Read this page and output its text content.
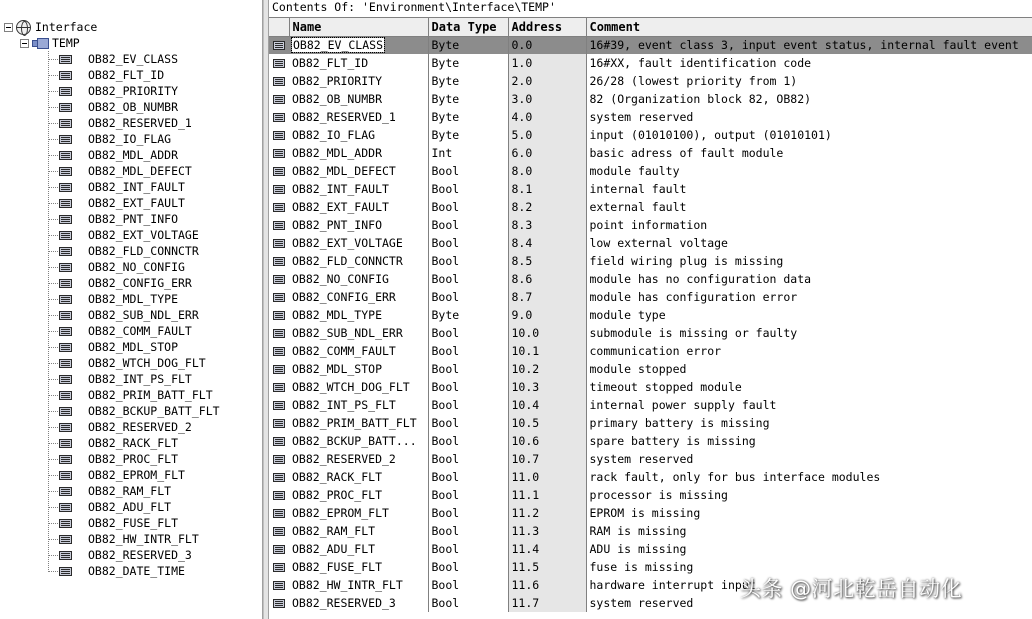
Interface
TEMP
OB82_EV_CLASS
OB82_FLT_ID
OB82_PRIORITY
OB82_OB_NUMBR
OB82_RESERVED_1
OB82_IO_FLAG
OB82_MDL_ADDR
OB82_MDL_DEFECT
OB82_INT_FAULT
OB82_EXT_FAULT
OB82_PNT_INFO
OB82_EXT_VOLTAGE
OB82_FLD_CONNCTR
OB82_NO_CONFIG
OB82_CONFIG_ERR
OB82_MDL_TYPE
OB82_SUB_NDL_ERR
OB82_COMM_FAULT
OB82_MDL_STOP
OB82_WTCH_DOG_FLT
OB82_INT_PS_FLT
OB82_PRIM_BATT_FLT
OB82_BCKUP_BATT_FLT
OB82_RESERVED_2
OB82_RACK_FLT
OB82_PROC_FLT
OB82_EPROM_FLT
OB82_RAM_FLT
OB82_ADU_FLT
OB82_FUSE_FLT
OB82_HW_INTR_FLT
OB82_RESERVED_3
OB82_DATE_TIME
Contents Of: 'Environment\Interface\TEMP'
	Name	Data Type	Address	Comment
	OB82_EV_CLASS	Byte	0.0	16#39, event class 3, input event status, internal fault event
	OB82_FLT_ID	Byte	1.0	16#XX, fault identification code
	OB82_PRIORITY	Byte	2.0	26/28 (lowest priority from 1)
	OB82_OB_NUMBR	Byte	3.0	82 (Organization block 82, OB82)
	OB82_RESERVED_1	Byte	4.0	system reserved
	OB82_IO_FLAG	Byte	5.0	input (01010100), output (01010101)
	OB82_MDL_ADDR	Int	6.0	basic adress of fault module
	OB82_MDL_DEFECT	Bool	8.0	module faulty
	OB82_INT_FAULT	Bool	8.1	internal fault
	OB82_EXT_FAULT	Bool	8.2	external fault
	OB82_PNT_INFO	Bool	8.3	point information
	OB82_EXT_VOLTAGE	Bool	8.4	low external voltage
	OB82_FLD_CONNCTR	Bool	8.5	field wiring plug is missing
	OB82_NO_CONFIG	Bool	8.6	module has no configuration data
	OB82_CONFIG_ERR	Bool	8.7	module has configuration error
	OB82_MDL_TYPE	Byte	9.0	module type
	OB82_SUB_NDL_ERR	Bool	10.0	submodule is missing or faulty
	OB82_COMM_FAULT	Bool	10.1	communication error
	OB82_MDL_STOP	Bool	10.2	module stopped
	OB82_WTCH_DOG_FLT	Bool	10.3	timeout stopped module
	OB82_INT_PS_FLT	Bool	10.4	internal power supply fault
	OB82_PRIM_BATT_FLT	Bool	10.5	primary battery is missing
	OB82_BCKUP_BATT...	Bool	10.6	spare battery is missing
	OB82_RESERVED_2	Bool	10.7	system reserved
	OB82_RACK_FLT	Bool	11.0	rack fault, only for bus interface modules
	OB82_PROC_FLT	Bool	11.1	processor is missing
	OB82_EPROM_FLT	Bool	11.2	EPROM is missing
	OB82_RAM_FLT	Bool	11.3	RAM is missing
	OB82_ADU_FLT	Bool	11.4	ADU is missing
	OB82_FUSE_FLT	Bool	11.5	fuse is missing
	OB82_HW_INTR_FLT	Bool	11.6	hardware interrupt input
	OB82_RESERVED_3	Bool	11.7	system reserved
头条 @河北乾岳自动化
